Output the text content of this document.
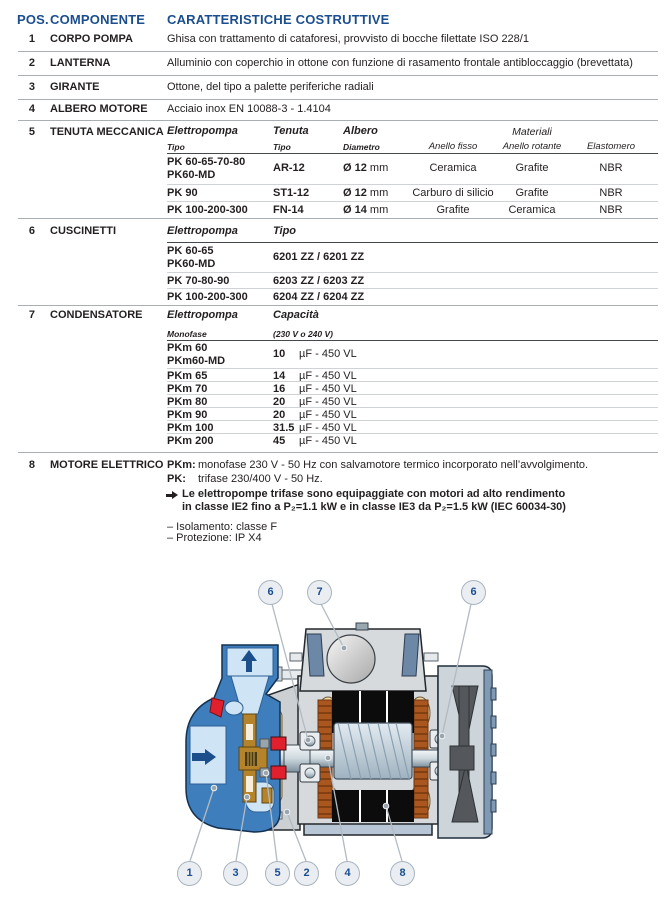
POS. COMPONENTE CARATTERISTICHE COSTRUTTIVE
1 CORPO POMPA	Ghisa con trattamento di cataforesi, provvisto di bocche filettate ISO 228/1
2 LANTERNA	Alluminio con coperchio in ottone con funzione di rasamento frontale antibloccaggio (brevettata)
3 GIRANTE	Ottone, del tipo a palette periferiche radiali
4 ALBERO MOTORE Acciaio inox EN 10088-3 - 1.4104
5 TENUTA MECCANICA Elettropompa	Tenuta	Albero	Materiali
Tipo	Tipo	Diametro	Anello fisso	Anello rotante	Elastomero
PK 60-65-70-80
PK60-MD
AR-12	Ø 12 mm	Ceramica	Grafite	NBR
PK 90	ST1-12	Ø 12 mm	Carburo di silicio	Grafite	NBR
PK 100-200-300 FN-14	Ø 14 mm	Grafite	Ceramica	NBR
6 CUSCINETTI	Elettropompa	Tipo
PK 60-65
PK60-MD
6201 ZZ / 6201 ZZ
PK 70-80-90	6203 ZZ / 6203 ZZ
PK 100-200-300 6204 ZZ / 6204 ZZ
7 CONDENSATORE Elettropompa	Capacità
Monofase	(230 V o 240 V)
PKm 60
PKm60-MD
10 µF - 450 VL
PKm 65	14 µF - 450 VL
PKm 70	16 µF - 450 VL
PKm 80	20 µF - 450 VL
PKm 90	20 µF - 450 VL
PKm 100	31.5 µF - 450 VL
PKm 200	45 µF - 450 VL
8 MOTORE ELETTRICO PKm: monofase 230 V - 50 Hz con salvamotore termico incorporato nell’avvolgimento.
PK: trifase 230/400 V - 50 Hz.
Le elettropompe trifase sono equipaggiate con motori ad alto rendimento
in classe IE2 fino a P₂=1.1 kW e in classe IE3 da P₂=1.5 kW (IEC 60034-30)
– Isolamento: classe F
– Protezione: IP X4
6	7	6
1	3	5	2	4	8
